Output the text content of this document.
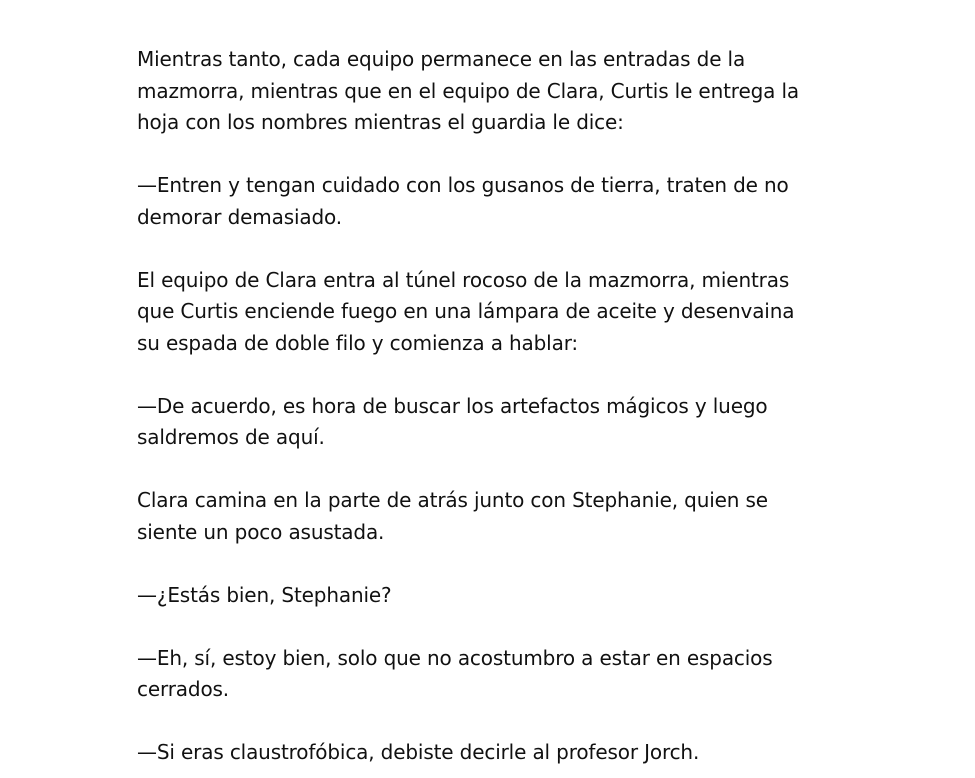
Mientras tanto, cada equipo permanece en las entradas de la
mazmorra, mientras que en el equipo de Clara, Curtis le entrega la
hoja con los nombres mientras el guardia le dice:

—Entren y tengan cuidado con los gusanos de tierra, traten de no
demorar demasiado.

El equipo de Clara entra al túnel rocoso de la mazmorra, mientras
que Curtis enciende fuego en una lámpara de aceite y desenvaina
su espada de doble filo y comienza a hablar:

—De acuerdo, es hora de buscar los artefactos mágicos y luego
saldremos de aquí.

Clara camina en la parte de atrás junto con Stephanie, quien se
siente un poco asustada.

—¿Estás bien, Stephanie?

—Eh, sí, estoy bien, solo que no acostumbro a estar en espacios
cerrados.

—Si eras claustrofóbica, debiste decirle al profesor Jorch.
